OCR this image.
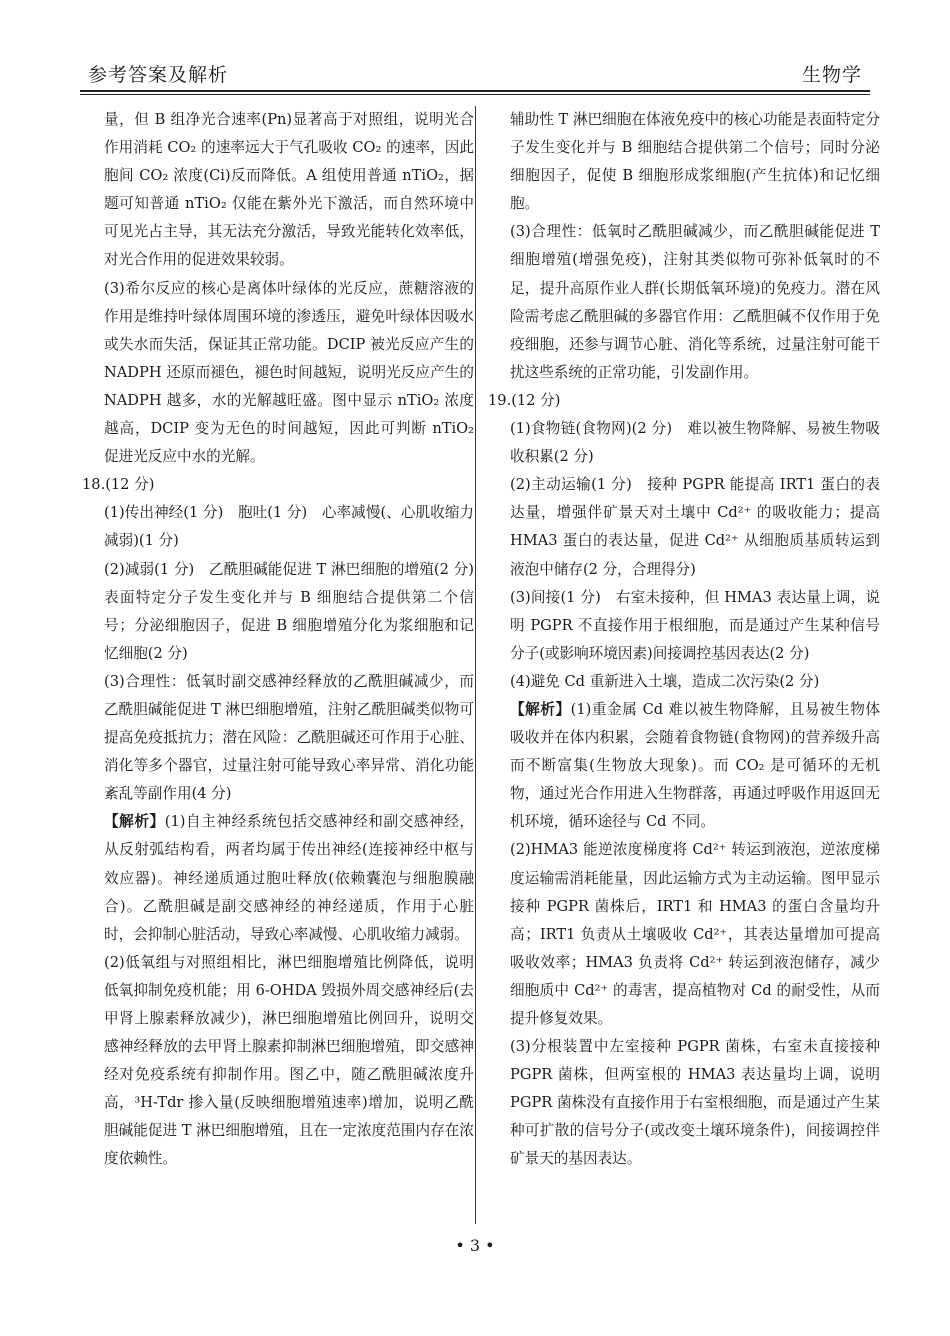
参考答案及解析	生物学
量，但 B 组净光合速率(Pn)显著高于对照组，说明光合作用消耗 CO₂ 的速率远大于气孔吸收 CO₂ 的速率，因此胞间 CO₂ 浓度(Ci)反而降低。A 组使用普通 nTiO₂，据题可知普通 nTiO₂ 仅能在紫外光下激活，而自然环境中可见光占主导，其无法充分激活，导致光能转化效率低，对光合作用的促进效果较弱。
(3)希尔反应的核心是离体叶绿体的光反应，蔗糖溶液的作用是维持叶绿体周围环境的渗透压，避免叶绿体因吸水或失水而失活，保证其正常功能。DCIP 被光反应产生的 NADPH 还原而褪色，褪色时间越短，说明光反应产生的 NADPH 越多，水的光解越旺盛。图中显示 nTiO₂ 浓度越高，DCIP 变为无色的时间越短，因此可判断 nTiO₂ 促进光反应中水的光解。
18.(12 分)
(1)传出神经(1 分)　胞吐(1 分)　心率减慢(、心肌收缩力减弱)(1 分)
(2)减弱(1 分)　乙酰胆碱能促进 T 淋巴细胞的增殖(2 分)　表面特定分子发生变化并与 B 细胞结合提供第二个信号；分泌细胞因子，促进 B 细胞增殖分化为浆细胞和记忆细胞(2 分)
(3)合理性：低氧时副交感神经释放的乙酰胆碱减少，而乙酰胆碱能促进 T 淋巴细胞增殖，注射乙酰胆碱类似物可提高免疫抵抗力；潜在风险：乙酰胆碱还可作用于心脏、消化等多个器官，过量注射可能导致心率异常、消化功能紊乱等副作用(4 分)
【解析】(1)自主神经系统包括交感神经和副交感神经，从反射弧结构看，两者均属于传出神经(连接神经中枢与效应器)。神经递质通过胞吐释放(依赖囊泡与细胞膜融合)。乙酰胆碱是副交感神经的神经递质，作用于心脏时，会抑制心脏活动，导致心率减慢、心肌收缩力减弱。
(2)低氧组与对照组相比，淋巴细胞增殖比例降低，说明低氧抑制免疫机能；用 6-OHDA 毁损外周交感神经后(去甲肾上腺素释放减少)，淋巴细胞增殖比例回升，说明交感神经释放的去甲肾上腺素抑制淋巴细胞增殖，即交感神经对免疫系统有抑制作用。图乙中，随乙酰胆碱浓度升高，³H-Tdr 掺入量(反映细胞增殖速率)增加，说明乙酰胆碱能促进 T 淋巴细胞增殖，且在一定浓度范围内存在浓度依赖性。
辅助性 T 淋巴细胞在体液免疫中的核心功能是表面特定分子发生变化并与 B 细胞结合提供第二个信号；同时分泌细胞因子，促使 B 细胞形成浆细胞(产生抗体)和记忆细胞。
(3)合理性：低氧时乙酰胆碱减少，而乙酰胆碱能促进 T 细胞增殖(增强免疫)，注射其类似物可弥补低氧时的不足，提升高原作业人群(长期低氧环境)的免疫力。潜在风险需考虑乙酰胆碱的多器官作用：乙酰胆碱不仅作用于免疫细胞，还参与调节心脏、消化等系统，过量注射可能干扰这些系统的正常功能，引发副作用。
19.(12 分)
(1)食物链(食物网)(2 分)　难以被生物降解、易被生物吸收积累(2 分)
(2)主动运输(1 分)　接种 PGPR 能提高 IRT1 蛋白的表达量，增强伴矿景天对土壤中 Cd²⁺ 的吸收能力；提高 HMA3 蛋白的表达量，促进 Cd²⁺ 从细胞质基质转运到液泡中储存(2 分，合理得分)
(3)间接(1 分)　右室未接种，但 HMA3 表达量上调，说明 PGPR 不直接作用于根细胞，而是通过产生某种信号分子(或影响环境因素)间接调控基因表达(2 分)
(4)避免 Cd 重新进入土壤，造成二次污染(2 分)
【解析】(1)重金属 Cd 难以被生物降解，且易被生物体吸收并在体内积累，会随着食物链(食物网)的营养级升高而不断富集(生物放大现象)。而 CO₂ 是可循环的无机物，通过光合作用进入生物群落，再通过呼吸作用返回无机环境，循环途径与 Cd 不同。
(2)HMA3 能逆浓度梯度将 Cd²⁺ 转运到液泡，逆浓度梯度运输需消耗能量，因此运输方式为主动运输。图甲显示接种 PGPR 菌株后，IRT1 和 HMA3 的蛋白含量均升高；IRT1 负责从土壤吸收 Cd²⁺，其表达量增加可提高吸收效率；HMA3 负责将 Cd²⁺ 转运到液泡储存，减少细胞质中 Cd²⁺ 的毒害，提高植物对 Cd 的耐受性，从而提升修复效果。
(3)分根装置中左室接种 PGPR 菌株，右室未直接接种 PGPR 菌株，但两室根的 HMA3 表达量均上调，说明 PGPR 菌株没有直接作用于右室根细胞，而是通过产生某种可扩散的信号分子(或改变土壤环境条件)，间接调控伴矿景天的基因表达。
• 3 •
